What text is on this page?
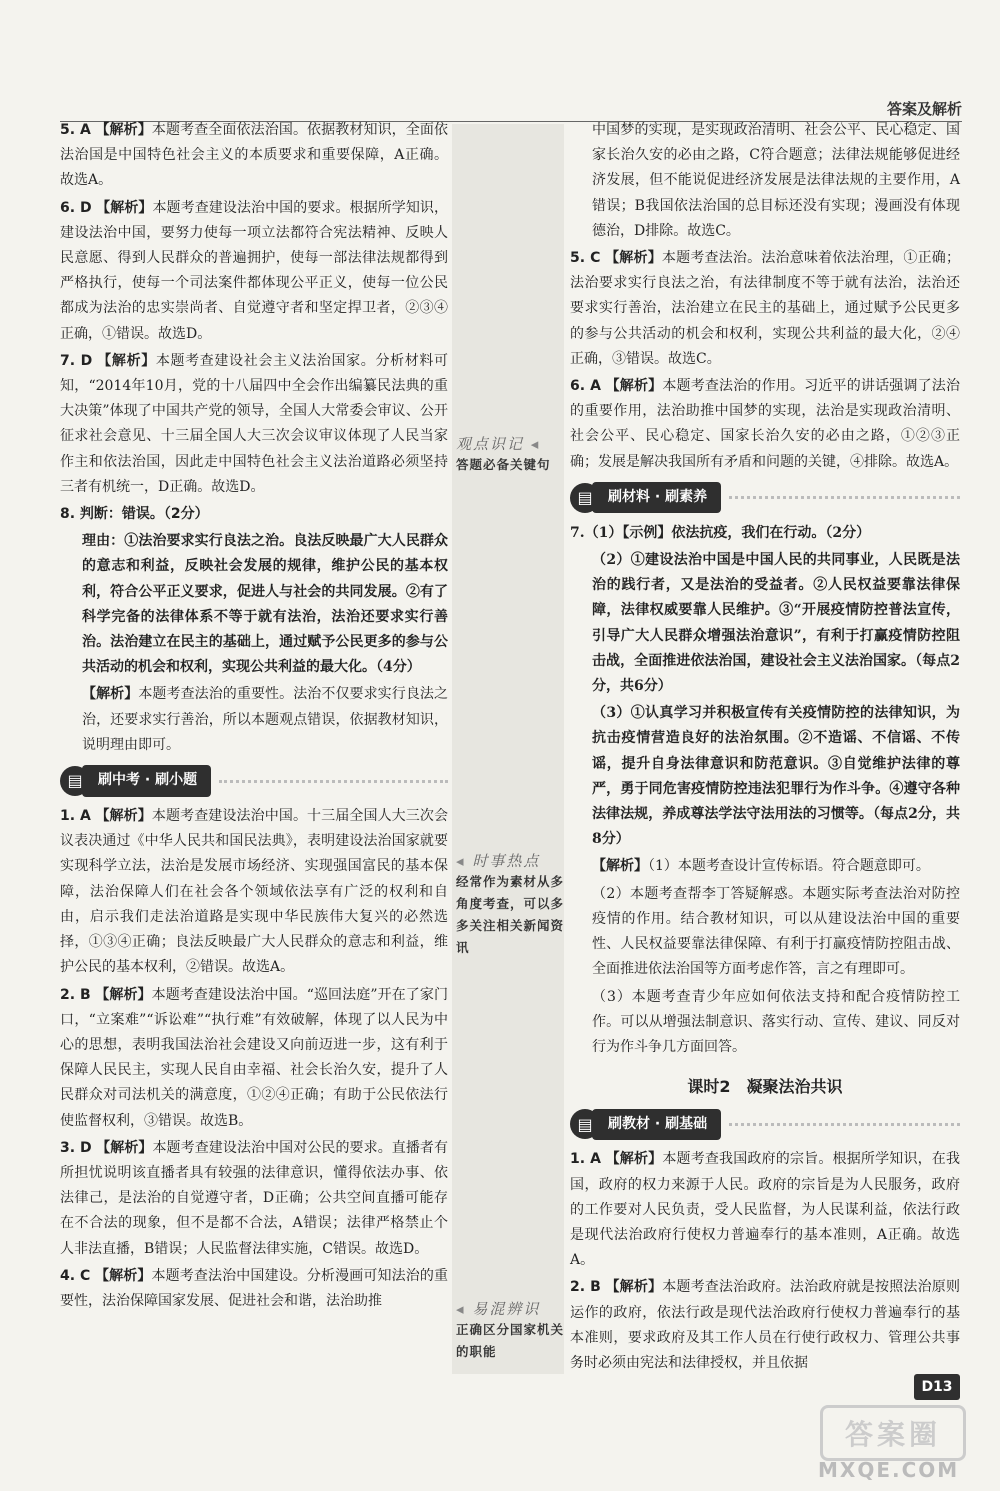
答案及解析

5. A 【解析】本题考查全面依法治国。依据教材知识，全面依法治国是中国特色社会主义的本质要求和重要保障，A正确。故选A。

6. D 【解析】本题考查建设法治中国的要求。根据所学知识，建设法治中国，要努力使每一项立法都符合宪法精神、反映人民意愿、得到人民群众的普遍拥护，使每一部法律法规都得到严格执行，使每一个司法案件都体现公平正义，使每一位公民都成为法治的忠实崇尚者、自觉遵守者和坚定捍卫者，②③④正确，①错误。故选D。

7. D 【解析】本题考查建设社会主义法治国家。分析材料可知，“2014年10月，党的十八届四中全会作出编纂民法典的重大决策”体现了中国共产党的领导，全国人大常委会审议、公开征求社会意见、十三届全国人大三次会议审议体现了人民当家作主和依法治国，因此走中国特色社会主义法治道路必须坚持三者有机统一，D正确。故选D。

8. 判断：错误。（2分）

理由：①法治要求实行良法之治。良法反映最广大人民群众的意志和利益，反映社会发展的规律，维护公民的基本权利，符合公平正义要求，促进人与社会的共同发展。②有了科学完备的法律体系不等于就有法治，法治还要求实行善治。法治建立在民主的基础上，通过赋予公民更多的参与公共活动的机会和权利，实现公共利益的最大化。（4分）

【解析】本题考查法治的重要性。法治不仅要求实行良法之治，还要求实行善治，所以本题观点错误，依据教材知识，说明理由即可。

▤	刷中考 · 刷小题

1. A 【解析】本题考查建设法治中国。十三届全国人大三次会议表决通过《中华人民共和国民法典》，表明建设法治国家就要实现科学立法，法治是发展市场经济、实现强国富民的基本保障，法治保障人们在社会各个领域依法享有广泛的权利和自由，启示我们走法治道路是实现中华民族伟大复兴的必然选择，①③④正确；良法反映最广大人民群众的意志和利益，维护公民的基本权利，②错误。故选A。

2. B 【解析】本题考查建设法治中国。“巡回法庭”开在了家门口，“立案难”“诉讼难”“执行难”有效破解，体现了以人民为中心的思想，表明我国法治社会建设又向前迈进一步，这有利于保障人民民主，实现人民自由幸福、社会长治久安，提升了人民群众对司法机关的满意度，①②④正确；有助于公民依法行使监督权利，③错误。故选B。

3. D 【解析】本题考查建设法治中国对公民的要求。直播者有所担忧说明该直播者具有较强的法律意识，懂得依法办事、依法律己，是法治的自觉遵守者，D正确；公共空间直播可能存在不合法的现象，但不是都不合法，A错误；法律严格禁止个人非法直播，B错误；人民监督法律实施，C错误。故选D。

4. C 【解析】本题考查法治中国建设。分析漫画可知法治的重要性，法治保障国家发展、促进社会和谐，法治助推

观点识记 ◂
答题必备关键句
◂ 时事热点
经常作为素材从多角度考查，可以多多关注相关新闻资讯
◂ 易混辨识
正确区分国家机关的职能

中国梦的实现，是实现政治清明、社会公平、民心稳定、国家长治久安的必由之路，C符合题意；法律法规能够促进经济发展，但不能说促进经济发展是法律法规的主要作用，A错误；B我国依法治国的总目标还没有实现；漫画没有体现德治，D排除。故选C。

5. C 【解析】本题考查法治。法治意味着依法治理，①正确；法治要求实行良法之治，有法律制度不等于就有法治，法治还要求实行善治，法治建立在民主的基础上，通过赋予公民更多的参与公共活动的机会和权利，实现公共利益的最大化，②④正确，③错误。故选C。

6. A 【解析】本题考查法治的作用。习近平的讲话强调了法治的重要作用，法治助推中国梦的实现，法治是实现政治清明、社会公平、民心稳定、国家长治久安的必由之路，①②③正确；发展是解决我国所有矛盾和问题的关键，④排除。故选A。

▤	刷材料 · 刷素养

7.（1）【示例】依法抗疫，我们在行动。（2分）

（2）①建设法治中国是中国人民的共同事业，人民既是法治的践行者，又是法治的受益者。②人民权益要靠法律保障，法律权威要靠人民维护。③“开展疫情防控普法宣传，引导广大人民群众增强法治意识”，有利于打赢疫情防控阻击战，全面推进依法治国，建设社会主义法治国家。（每点2分，共6分）

（3）①认真学习并积极宣传有关疫情防控的法律知识，为抗击疫情营造良好的法治氛围。②不造谣、不信谣、不传谣，提升自身法律意识和防范意识。③自觉维护法律的尊严，勇于同危害疫情防控违法犯罪行为作斗争。④遵守各种法律法规，养成尊法学法守法用法的习惯等。（每点2分，共8分）

【解析】（1）本题考查设计宣传标语。符合题意即可。

（2）本题考查帮李丁答疑解惑。本题实际考查法治对防控疫情的作用。结合教材知识，可以从建设法治中国的重要性、人民权益要靠法律保障、有利于打赢疫情防控阻击战、全面推进依法治国等方面考虑作答，言之有理即可。

（3）本题考查青少年应如何依法支持和配合疫情防控工作。可以从增强法制意识、落实行动、宣传、建议、同反对行为作斗争几方面回答。

课时2　凝聚法治共识
▤	刷教材 · 刷基础

1. A 【解析】本题考查我国政府的宗旨。根据所学知识，在我国，政府的权力来源于人民。政府的宗旨是为人民服务，政府的工作要对人民负责，受人民监督，为人民谋利益，依法行政是现代法治政府行使权力普遍奉行的基本准则，A正确。故选A。

2. B 【解析】本题考查法治政府。法治政府就是按照法治原则运作的政府，依法行政是现代法治政府行使权力普遍奉行的基本准则，要求政府及其工作人员在行使行政权力、管理公共事务时必须由宪法和法律授权，并且依据

D13
答案圈
MXQE.COM
